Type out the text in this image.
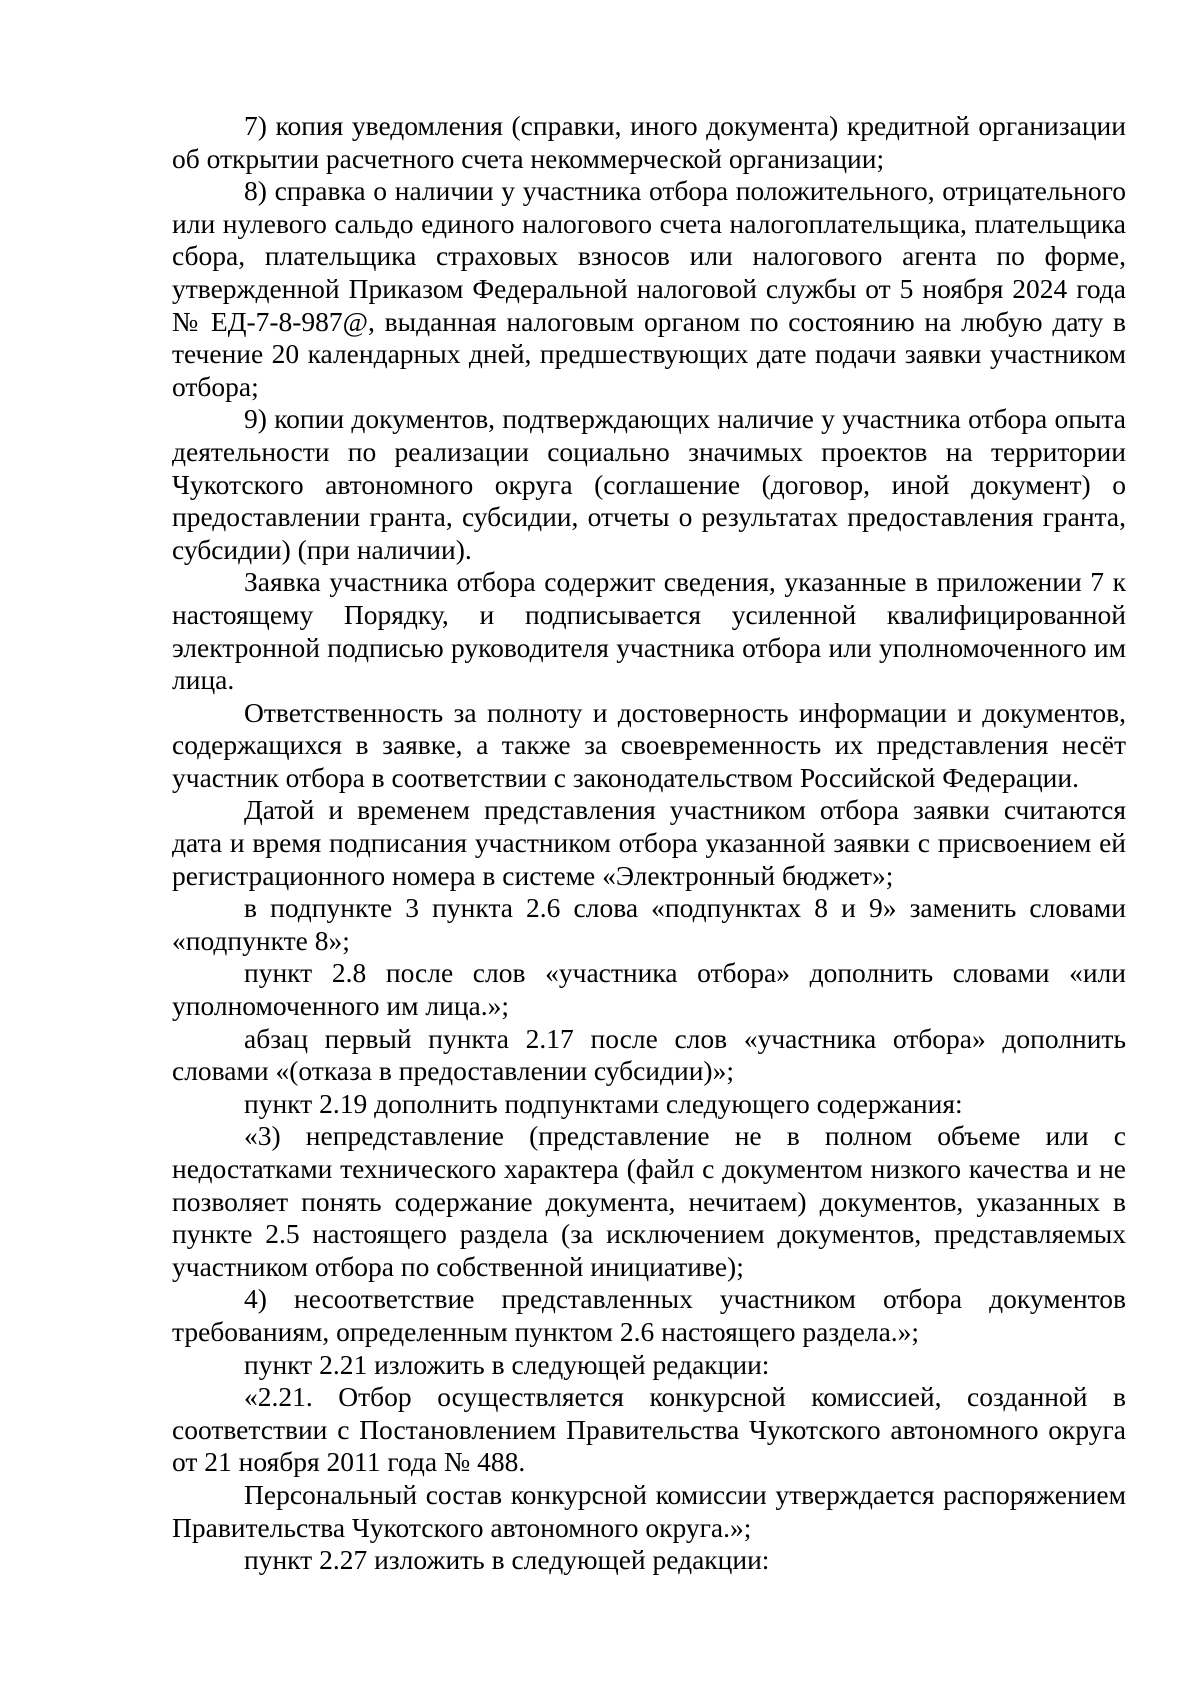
7) копия уведомления (справки, иного документа) кредитной организации об открытии расчетного счета некоммерческой организации;

8) справка о наличии у участника отбора положительного, отрицательного или нулевого сальдо единого налогового счета налогоплательщика, плательщика сбора, плательщика страховых взносов или налогового агента по форме, утвержденной Приказом Федеральной налоговой службы от 5 ноября 2024 года № ЕД-7-8-987@, выданная налоговым органом по состоянию на любую дату в течение 20 календарных дней, предшествующих дате подачи заявки участником отбора;

9) копии документов, подтверждающих наличие у участника отбора опыта деятельности по реализации социально значимых проектов на территории Чукотского автономного округа (соглашение (договор, иной документ) о предоставлении гранта, субсидии, отчеты о результатах предоставления гранта, субсидии) (при наличии).

Заявка участника отбора содержит сведения, указанные в приложении 7 к настоящему Порядку, и подписывается усиленной квалифицированной электронной подписью руководителя участника отбора или уполномоченного им лица.

Ответственность за полноту и достоверность информации и документов, содержащихся в заявке, а также за своевременность их представления несёт участник отбора в соответствии с законодательством Российской Федерации.

Датой и временем представления участником отбора заявки считаются дата и время подписания участником отбора указанной заявки с присвоением ей регистрационного номера в системе «Электронный бюджет»;

в подпункте 3 пункта 2.6 слова «подпунктах 8 и 9» заменить словами «подпункте 8»;

пункт 2.8 после слов «участника отбора» дополнить словами «или уполномоченного им лица.»;

абзац первый пункта 2.17 после слов «участника отбора» дополнить словами «(отказа в предоставлении субсидии)»;

пункт 2.19 дополнить подпунктами следующего содержания:

«3) непредставление (представление не в полном объеме или с недостатками технического характера (файл с документом низкого качества и не позволяет понять содержание документа, нечитаем) документов, указанных в пункте 2.5 настоящего раздела (за исключением документов, представляемых участником отбора по собственной инициативе);

4) несоответствие представленных участником отбора документов требованиям, определенным пунктом 2.6 настоящего раздела.»;

пункт 2.21 изложить в следующей редакции:

«2.21. Отбор осуществляется конкурсной комиссией, созданной в соответствии с Постановлением Правительства Чукотского автономного округа от 21 ноября 2011 года № 488.

Персональный состав конкурсной комиссии утверждается распоряжением Правительства Чукотского автономного округа.»;

пункт 2.27 изложить в следующей редакции:
